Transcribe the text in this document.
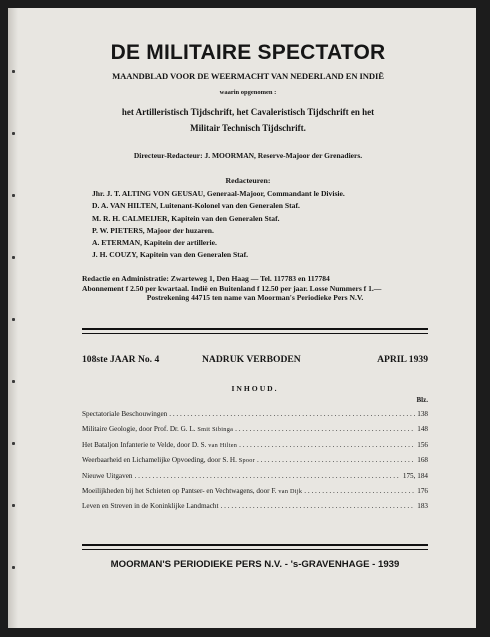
DE MILITAIRE SPECTATOR
MAANDBLAD VOOR DE WEERMACHT VAN NEDERLAND EN INDIË
waarin opgenomen :
het Artilleristisch Tijdschrift, het Cavaleristisch Tijdschrift en het
Militair Technisch Tijdschrift.
Directeur-Redacteur: J. MOORMAN, Reserve-Majoor der Grenadiers.
Redacteuren:
Jhr. J. T. ALTING VON GEUSAU, Generaal-Majoor, Commandant le Divisie.
D. A. VAN HILTEN, Luitenant-Kolonel van den Generalen Staf.
M. R. H. CALMEIJER, Kapitein van den Generalen Staf.
P. W. PIETERS, Majoor der huzaren.
A. ETERMAN, Kapitein der artillerie.
J. H. COUZY, Kapitein van den Generalen Staf.
Redactie en Administratie: Zwarteweg 1, Den Haag — Tel. 117783 en 117784
Abonnement f 2.50 per kwartaal. Indië en Buitenland f 12.50 per jaar. Losse Nummers f 1.—
Postrekening 44715 ten name van Moorman's Periodieke Pers N.V.
108ste JAAR No. 4	NADRUK VERBODEN	APRIL 1939
INHOUD.
Blz.
Spectatoriale Beschouwingen . . .	138
Militaire Geologie, door Prof. Dr. G. L. Smit Sibinga . . .	148
Het Bataljon Infanterie te Velde, door D. S. van Hilten . . .	156
Weerbaarheid en Lichamelijke Opvoeding, door S. H. Spoor . . .	168
Nieuwe Uitgaven . . .	175, 184
Moeilijkheden bij het Schieten op Pantser- en Vechtwagens, door F. van Dijk . . .	176
Leven en Streven in de Koninklijke Landmacht . . .	183
MOORMAN'S PERIODIEKE PERS N.V. - 's-GRAVENHAGE - 1939
